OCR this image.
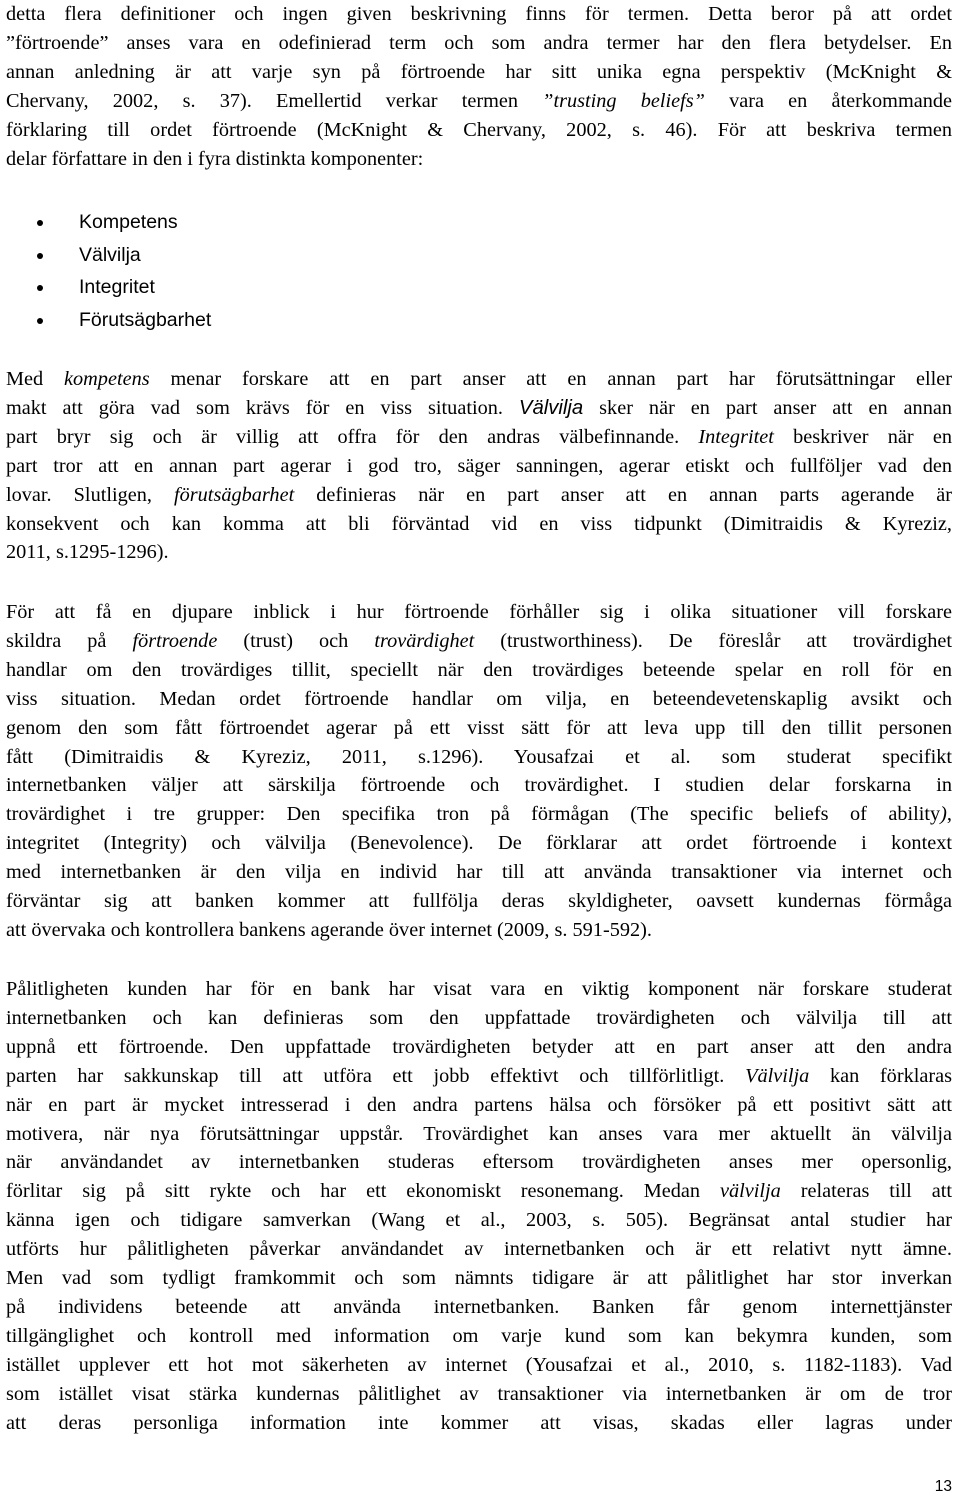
detta flera definitioner och ingen given beskrivning finns för termen. Detta beror på att ordet
”förtroende” anses vara en odefinierad term och som andra termer har den flera betydelser. En
annan anledning är att varje syn på förtroende har sitt unika egna perspektiv (McKnight &
Chervany, 2002, s. 37). Emellertid verkar termen ”trusting beliefs” vara en återkommande
förklaring till ordet förtroende (McKnight & Chervany, 2002, s. 46). För att beskriva termen
delar författare in den i fyra distinkta komponenter:
Kompetens
Välvilja
Integritet
Förutsägbarhet
Med kompetens menar forskare att en part anser att en annan part har förutsättningar eller
makt att göra vad som krävs för en viss situation. Välvilja sker när en part anser att en annan
part bryr sig och är villig att offra för den andras välbefinnande. Integritet beskriver när en
part tror att en annan part agerar i god tro, säger sanningen, agerar etiskt och fullföljer vad den
lovar. Slutligen, förutsägbarhet definieras när en part anser att en annan parts agerande är
konsekvent och kan komma att bli förväntad vid en viss tidpunkt (Dimitraidis & Kyreziz,
2011, s.1295-1296).
För att få en djupare inblick i hur förtroende förhåller sig i olika situationer vill forskare
skildra på förtroende (trust) och trovärdighet (trustworthiness). De föreslår att trovärdighet
handlar om den trovärdiges tillit, speciellt när den trovärdiges beteende spelar en roll för en
viss situation. Medan ordet förtroende handlar om vilja, en beteendevetenskaplig avsikt och
genom den som fått förtroendet agerar på ett visst sätt för att leva upp till den tillit personen
fått (Dimitraidis & Kyreziz, 2011, s.1296). Yousafzai et al. som studerat specifikt
internetbanken väljer att särskilja förtroende och trovärdighet. I studien delar forskarna in
trovärdighet i tre grupper: Den specifika tron på förmågan (The specific beliefs of ability),
integritet (Integrity) och välvilja (Benevolence). De förklarar att ordet förtroende i kontext
med internetbanken är den vilja en individ har till att använda transaktioner via internet och
förväntar sig att banken kommer att fullfölja deras skyldigheter, oavsett kundernas förmåga
att övervaka och kontrollera bankens agerande över internet (2009, s. 591-592).
Pålitligheten kunden har för en bank har visat vara en viktig komponent när forskare studerat
internetbanken och kan definieras som den uppfattade trovärdigheten och välvilja till att
uppnå ett förtroende. Den uppfattade trovärdigheten betyder att en part anser att den andra
parten har sakkunskap till att utföra ett jobb effektivt och tillförlitligt. Välvilja kan förklaras
när en part är mycket intresserad i den andra partens hälsa och försöker på ett positivt sätt att
motivera, när nya förutsättningar uppstår. Trovärdighet kan anses vara mer aktuellt än välvilja
när användandet av internetbanken studeras eftersom trovärdigheten anses mer opersonlig,
förlitar sig på sitt rykte och har ett ekonomiskt resonemang. Medan välvilja relateras till att
känna igen och tidigare samverkan (Wang et al., 2003, s. 505). Begränsat antal studier har
utförts hur pålitligheten påverkar användandet av internetbanken och är ett relativt nytt ämne.
Men vad som tydligt framkommit och som nämnts tidigare är att pålitlighet har stor inverkan
på individens beteende att använda internetbanken. Banken får genom internettjänster
tillgänglighet och kontroll med information om varje kund som kan bekymra kunden, som
istället upplever ett hot mot säkerheten av internet (Yousafzai et al., 2010, s. 1182-1183). Vad
som istället visat stärka kundernas pålitlighet av transaktioner via internetbanken är om de tror
att deras personliga information inte kommer att visas, skadas eller lagras under
13
